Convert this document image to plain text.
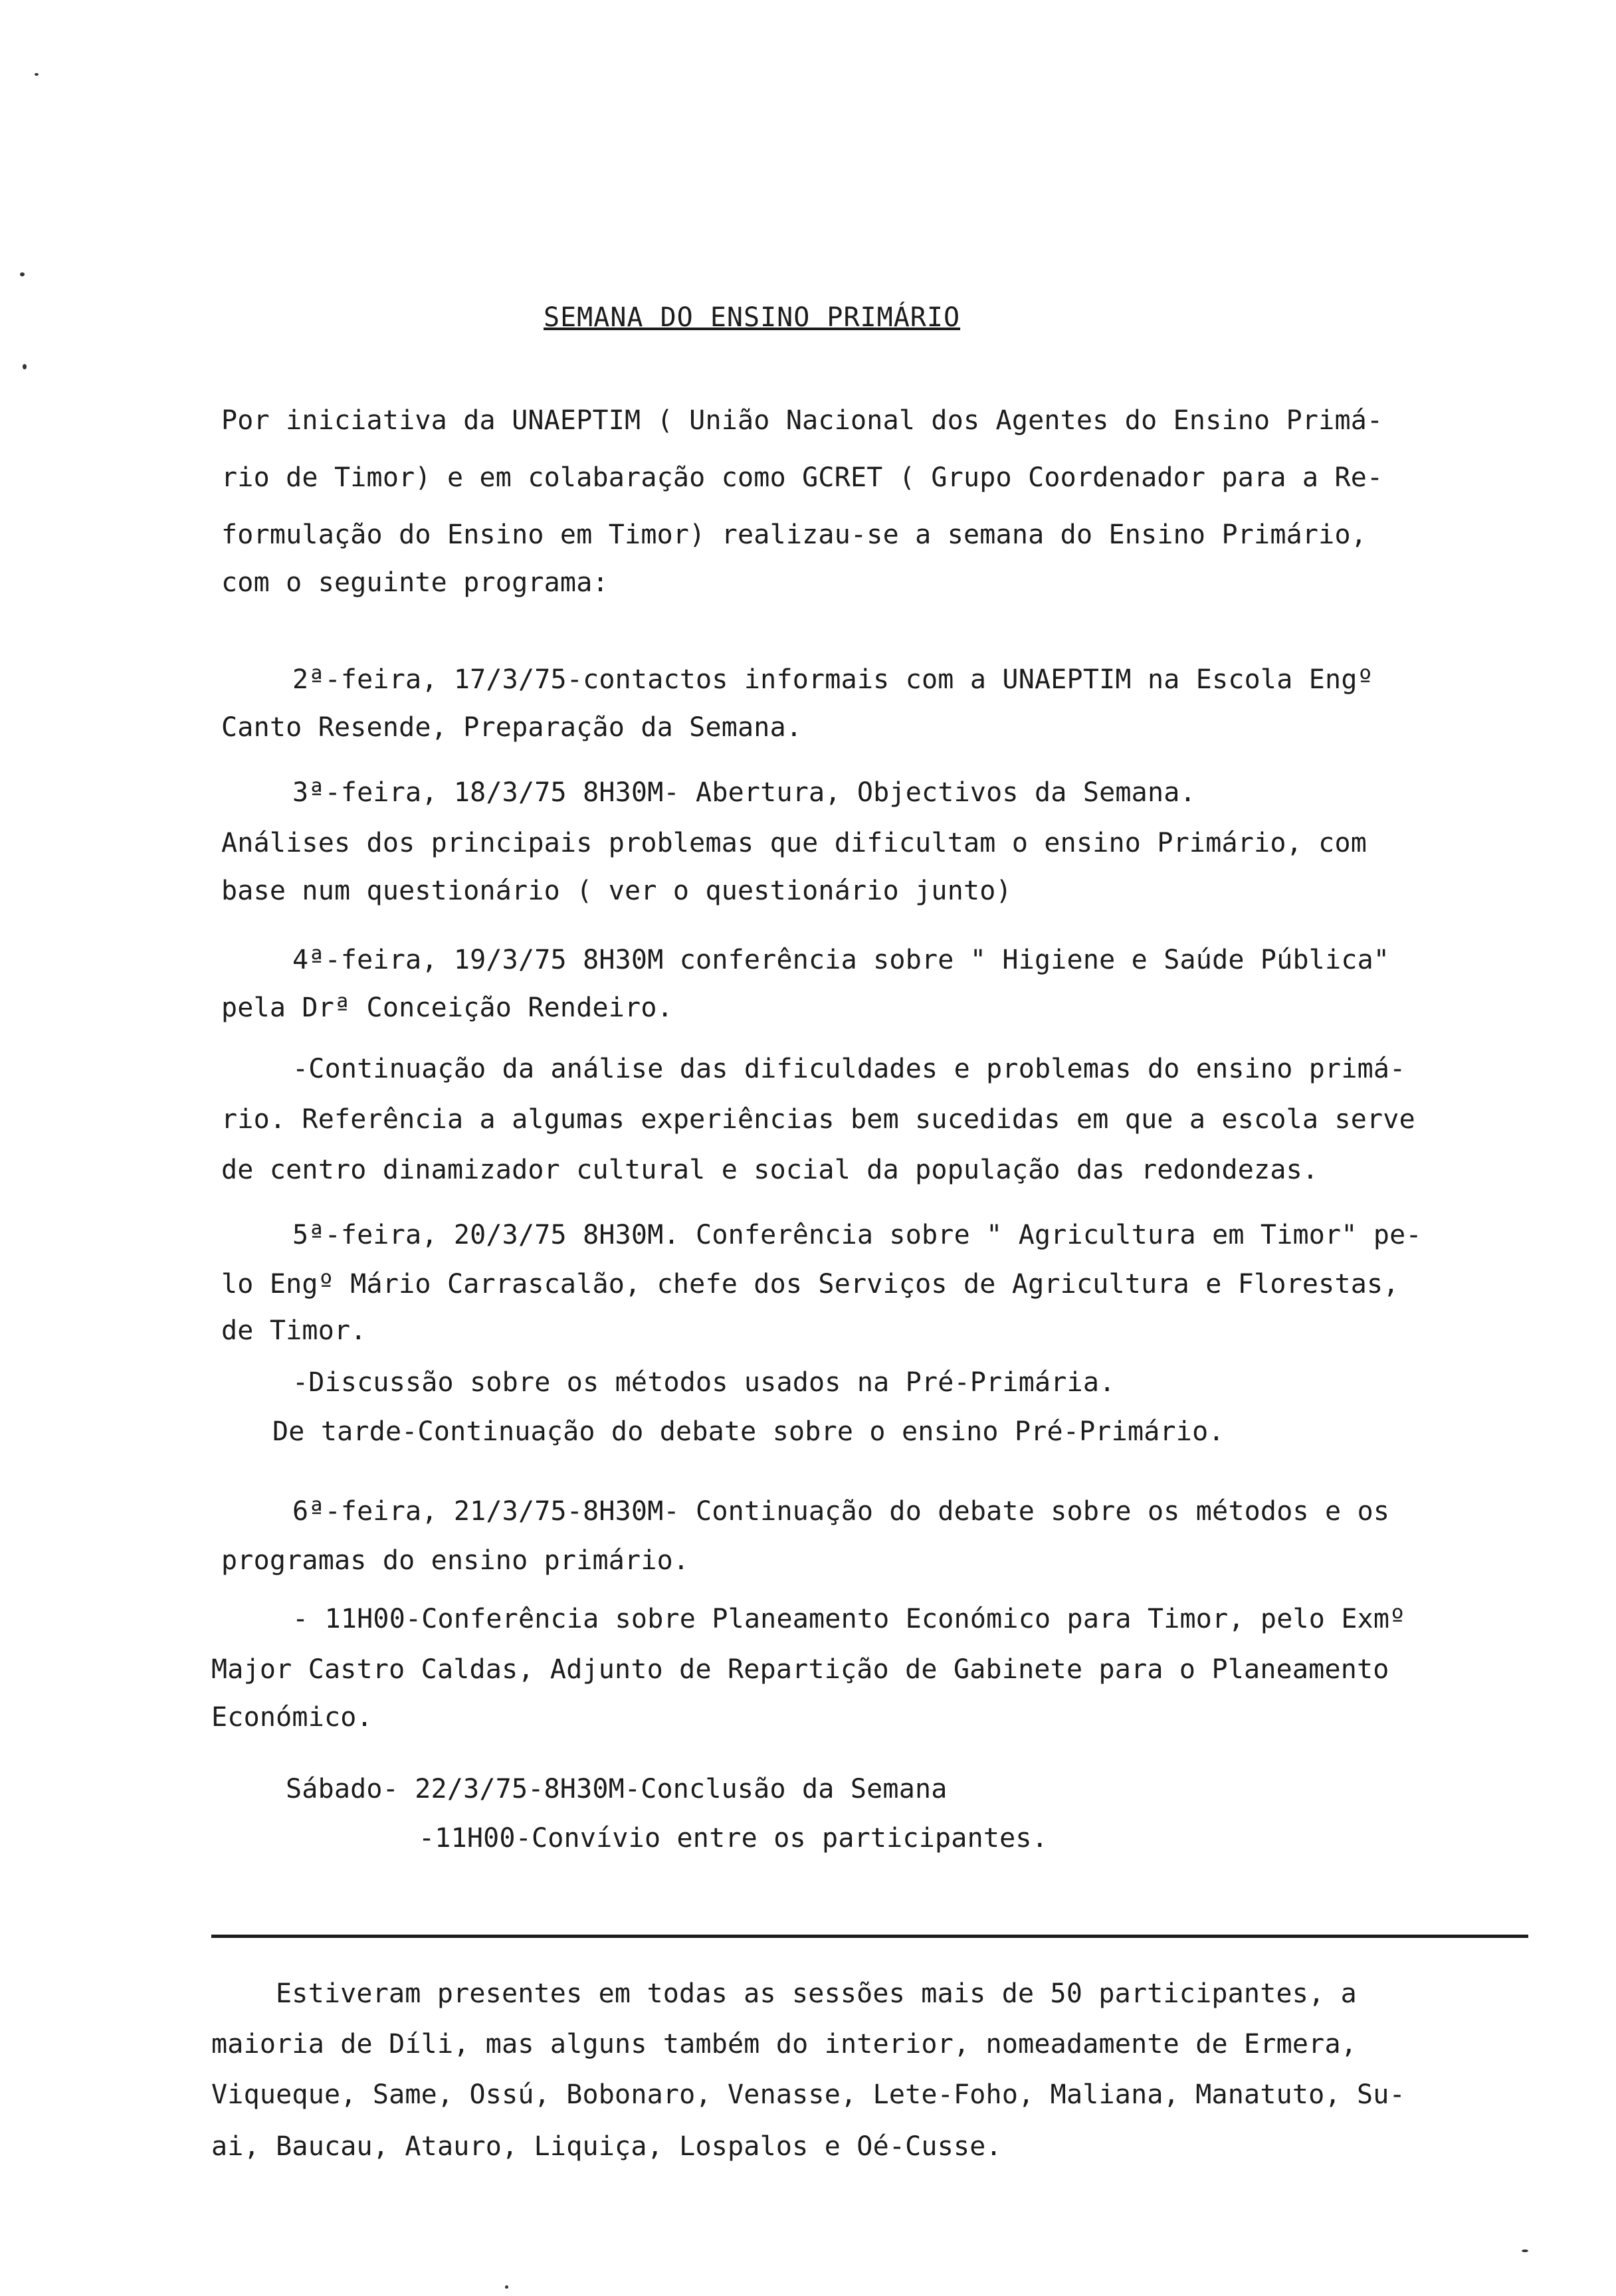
SEMANA DO ENSINO PRIMÁRIO
Por iniciativa da UNAEPTIM ( União Nacional dos Agentes do Ensino Primá-
rio de Timor) e em colabaração como GCRET ( Grupo Coordenador para a Re-
formulação do Ensino em Timor) realizau-se a semana do Ensino Primário,
com o seguinte programa:
2ª-feira, 17/3/75-contactos informais com a UNAEPTIM na Escola Engº
Canto Resende, Preparação da Semana.
3ª-feira, 18/3/75 8H30M- Abertura, Objectivos da Semana.
Análises dos principais problemas que dificultam o ensino Primário, com
base num questionário ( ver o questionário junto)
4ª-feira, 19/3/75 8H30M conferência sobre " Higiene e Saúde Pública"
pela Drª Conceição Rendeiro.
-Continuação da análise das dificuldades e problemas do ensino primá-
rio. Referência a algumas experiências bem sucedidas em que a escola serve
de centro dinamizador cultural e social da população das redondezas.
5ª-feira, 20/3/75 8H30M. Conferência sobre " Agricultura em Timor" pe-
lo Engº Mário Carrascalão, chefe dos Serviços de Agricultura e Florestas,
de Timor.
-Discussão sobre os métodos usados na Pré-Primária.
De tarde-Continuação do debate sobre o ensino Pré-Primário.
6ª-feira, 21/3/75-8H30M- Continuação do debate sobre os métodos e os
programas do ensino primário.
- 11H00-Conferência sobre Planeamento Económico para Timor, pelo Exmº
Major Castro Caldas, Adjunto de Repartição de Gabinete para o Planeamento
Económico.
Sábado- 22/3/75-8H30M-Conclusão da Semana
-11H00-Convívio entre os participantes.
Estiveram presentes em todas as sessões mais de 50 participantes, a
maioria de Díli, mas alguns também do interior, nomeadamente de Ermera,
Viqueque, Same, Ossú, Bobonaro, Venasse, Lete-Foho, Maliana, Manatuto, Su-
ai, Baucau, Atauro, Liquiça, Lospalos e Oé-Cusse.
